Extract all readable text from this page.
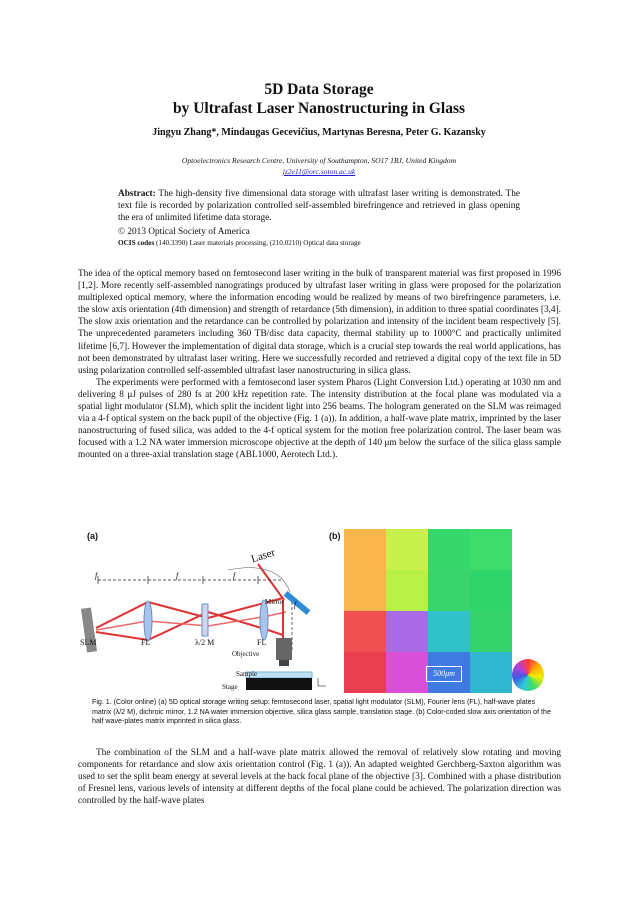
5D Data Storage
by Ultrafast Laser Nanostructuring in Glass
Jingyu Zhang*, Mindaugas Gecevičius, Martynas Beresna, Peter G. Kazansky
Optoelectronics Research Centre, University of Southampton, SO17 1BJ, United Kingdom
jz2e11@orc.soton.ac.uk
Abstract: The high-density five dimensional data storage with ultrafast laser writing is demonstrated. The text file is recorded by polarization controlled self-assembled birefringence and retrieved in glass opening the era of unlimited lifetime data storage.
© 2013 Optical Society of America
OCIS codes (140.3390) Laser materials processing, (210.0210) Optical data storage

The idea of the optical memory based on femtosecond laser writing in the bulk of transparent material was first proposed in 1996 [1,2]. More recently self-assembled nanogratings produced by ultrafast laser writing in glass were proposed for the polarization multiplexed optical memory, where the information encoding would be realized by means of two birefringence parameters, i.e. the slow axis orientation (4th dimension) and strength of retardance (5th dimension), in addition to three spatial coordinates [3,4]. The slow axis orientation and the retardance can be controlled by polarization and intensity of the incident beam respectively [5]. The unprecedented parameters including 360 TB/disc data capacity, thermal stability up to 1000°C and practically unlimited lifetime [6,7]. However the implementation of digital data storage, which is a crucial step towards the real world applications, has not been demonstrated by ultrafast laser writing. Here we successfully recorded and retrieved a digital copy of the text file in 5D using polarization controlled self-assembled ultrafast laser nanostructuring in silica glass.

The experiments were performed with a femtosecond laser system Pharos (Light Conversion Ltd.) operating at 1030 nm and delivering 8 μJ pulses of 280 fs at 200 kHz repetition rate. The intensity distribution at the focal plane was modulated via a spatial light modulator (SLM), which split the incident light into 256 beams. The hologram generated on the SLM was reimaged via a 4-f optical system on the back pupil of the objective (Fig. 1 (a)). In addition, a half-wave plate matrix, imprinted by the laser nanostructuring of fused silica, was added to the 4-f optical system for the motion free polarization control. The laser beam was focused with a 1.2 NA water immersion microscope objective at the depth of 140 μm below the surface of the silica glass sample mounted on a three-axial translation stage (ABL1000, Aerotech Ltd.).

(a)	(b)
Laser
f	f	f
f
Mirror
SLM	FL	λ/2 M	FL
Objective
Sample
Stage
500μm
Fig. 1. (Color online) (a) 5D optical storage writing setup: femtosecond laser, spatial light modulator (SLM), Fourier lens (FL), half-wave plates matrix (λ/2 M), dichroic mirror, 1.2 NA water immersion objective, silica glass sample, translation stage. (b) Color-coded slow axis orientation of the half wave-plates matrix imprinted in silica glass.

The combination of the SLM and a half-wave plate matrix allowed the removal of relatively slow rotating and moving components for retardance and slow axis orientation control (Fig. 1 (a)). An adapted weighted Gerchberg-Saxton algorithm was used to set the split beam energy at several levels at the back focal plane of the objective [3]. Combined with a phase distribution of Fresnel lens, various levels of intensity at different depths of the focal plane could be achieved. The polarization direction was controlled by the half-wave plates
